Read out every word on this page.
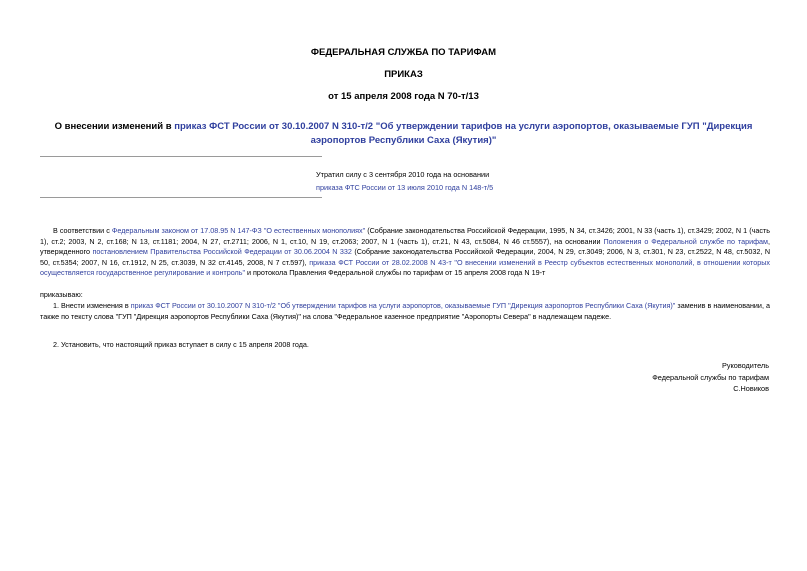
ФЕДЕРАЛЬНАЯ СЛУЖБА ПО ТАРИФАМ
ПРИКАЗ
от 15 апреля 2008 года N 70-т/13
О внесении изменений в приказ ФСТ России от 30.10.2007 N 310-т/2 "Об утверждении тарифов на услуги аэропортов, оказываемые ГУП "Дирекция аэропортов Республики Саха (Якутия)"
Утратил силу с 3 сентября 2010 года на основании
приказа ФТС России от 13 июля 2010 года N 148-т/5
В соответствии с Федеральным законом от 17.08.95 N 147-ФЗ "О естественных монополиях" (Собрание законодательства Российской Федерации, 1995, N 34, ст.3426; 2001, N 33 (часть 1), ст.3429; 2002, N 1 (часть 1), ст.2; 2003, N 2, ст.168; N 13, ст.1181; 2004, N 27, ст.2711; 2006, N 1, ст.10, N 19, ст.2063; 2007, N 1 (часть 1), ст.21, N 43, ст.5084, N 46 ст.5557), на основании Положения о Федеральной службе по тарифам, утвержденного постановлением Правительства Российской Федерации от 30.06.2004 N 332 (Собрание законодательства Российской Федерации, 2004, N 29, ст.3049; 2006, N 3, ст.301, N 23, ст.2522, N 48, ст.5032, N 50, ст.5354; 2007, N 16, ст.1912, N 25, ст.3039, N 32 ст.4145, 2008, N 7 ст.597), приказа ФСТ России от 28.02.2008 N 43-т "О внесении изменений в Реестр субъектов естественных монополий, в отношении которых осуществляется государственное регулирование и контроль" и протокола Правления Федеральной службы по тарифам от 15 апреля 2008 года N 19-т
приказываю:
1. Внести изменения в приказ ФСТ России от 30.10.2007 N 310-т/2 "Об утверждении тарифов на услуги аэропортов, оказываемые ГУП "Дирекция аэропортов Республики Саха (Якутия)" заменив в наименовании, а также по тексту слова "ГУП "Дирекция аэропортов Республики Саха (Якутия)" на слова "Федеральное казенное предприятие "Аэропорты Севера" в надлежащем падеже.
2. Установить, что настоящий приказ вступает в силу с 15 апреля 2008 года.
Руководитель
Федеральной службы по тарифам
С.Новиков
